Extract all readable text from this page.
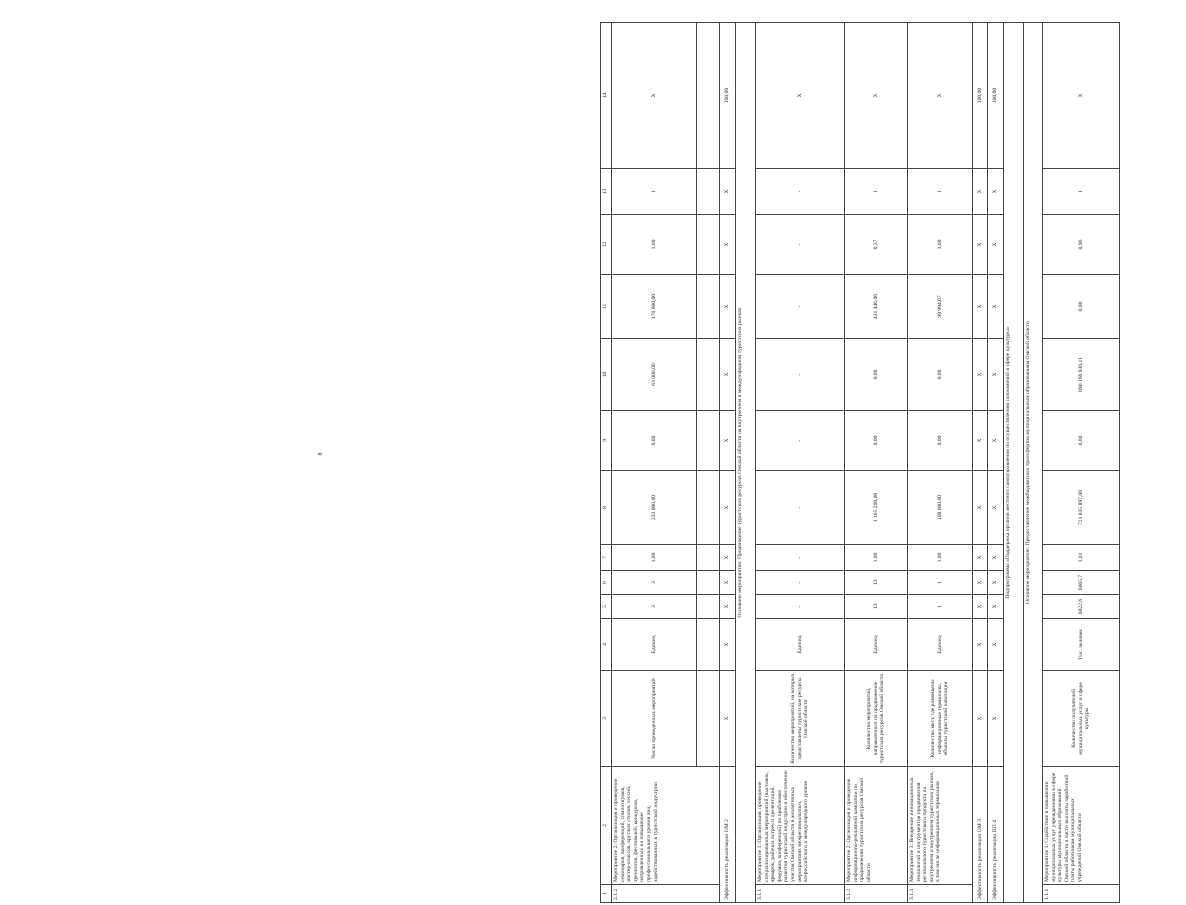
8
1	2	3	4	5	6	7	8	9	10	11	12	13	14
2.1.2	Мероприятие 2: Организация и проведение семинаров, конференций, симпозиумов, мастер-классов, круглых столов, сессий, тренингов, фестивалей, конкурсов, направленных на повышение профессионального уровня лиц, задействованных в туристской индустрии	Число проведенных мероприятий	Единиц	3	3	1,00	233 000,00	0,00	63 000,00	170 000,00	1,00	1	X

Эффективность реализации ОМ 2		X	X	X	X	X	X	X	X	X	X	X	100,00
Основное мероприятие: Продвижение туристских ресурсов Омской области на внутреннем и международном туристских рынках													
3.1.1	Мероприятие 1: Организация, проведение специализированных мероприятий (выставок, ярмарок, рабочих встреч и презентаций, форумов, конференций) по проблемам развития туристской индустрии и обеспечение участия Омской области в аналогичных мероприятиях межрегионального, всероссийского и международного уровня	Количество мероприятий, на которых представлены туристские ресурсы Омской области	Единиц	-	-	-	-	-	-	-	-	-	X
3.1.2	Мероприятие 2: Организация и проведение информационно-рекламной кампании по продвижению туристских ресурсов Омской области	Количество мероприятий, направленных на продвижение туристских ресурсов Омской области	Единиц	13	13	1,00	1 165 200,00	0,00	0,00	431 446,06	0,37	1	X
3.1.3	Мероприятие 3: Внедрение инновационных технологий и инструментов продвижения регионального туристского продукта на внутреннем и внутреннем туристских рынках, в том числе информационных терминалов	Количество мест, где размещены информационные терминалы, объекты туристской навигации	Единиц	1	1	1,00	100 000,00	0,00	0,00	99 994,67	1,00	1	X
Эффективность реализации ОМ 3		X	X	X	X	X	X	X	X	X	X	X	100,00
Эффективность реализации ПП 4		X	X	X	X	X	X	X	X	X	X	X	100,00
Подпрограмма «Поддержка органов местного самоуправления по осуществлению полномочий в сфере культуры»													
Основное мероприятие: Предоставление межбюджетных трансфертов муниципальным образованиям Омской области													
1.1.1	Мероприятие 1: Содействие в повышении муниципальных услуг учреждениями в сфере культуры муниципальных образований Омской области в части выплаты заработной платы работникам муниципальных учреждений Омской области	Количество получателей муниципальных услуг в сфере культуры	Тыс. человек	6022,6	6065,7	1,01	721 835 897,00	0,00	690 166 930,11	0,00	0,96	1	X
